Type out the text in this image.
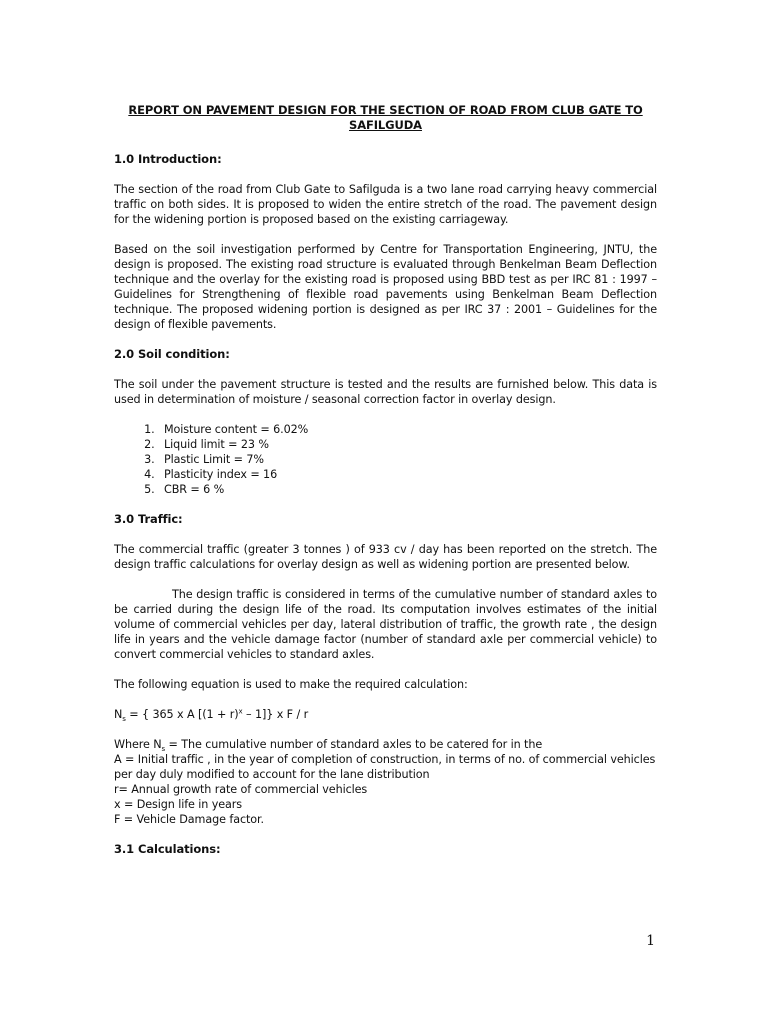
REPORT ON PAVEMENT DESIGN FOR THE SECTION OF ROAD FROM CLUB GATE TO
SAFILGUDA
1.0 Introduction:

The section of the road from Club Gate to Safilguda is a two lane road carrying heavy commercial traffic on both sides. It is proposed to widen the entire stretch of the road. The pavement design for the widening portion is proposed based on the existing carriageway.

Based on the soil investigation performed by Centre for Transportation Engineering, JNTU, the design is proposed. The existing road structure is evaluated through Benkelman Beam Deflection technique and the overlay for the existing road is proposed using BBD test as per IRC 81 : 1997 – Guidelines for Strengthening of flexible road pavements using Benkelman Beam Deflection technique. The proposed widening portion is designed as per IRC 37 : 2001 – Guidelines for the design of flexible pavements.

2.0 Soil condition:

The soil under the pavement structure is tested and the results are furnished below. This data is used in determination of moisture / seasonal correction factor in overlay design.

1. Moisture content = 6.02%
2. Liquid limit = 23 %
3. Plastic Limit = 7%
4. Plasticity index = 16
5. CBR = 6 %
3.0 Traffic:

The commercial traffic (greater 3 tonnes ) of 933 cv / day has been reported on the stretch. The design traffic calculations for overlay design as well as widening portion are presented below.

The design traffic is considered in terms of the cumulative number of standard axles to be carried during the design life of the road. Its computation involves estimates of the initial volume of commercial vehicles per day, lateral distribution of traffic, the growth rate , the design life in years and the vehicle damage factor (number of standard axle per commercial vehicle) to convert commercial vehicles to standard axles.

The following equation is used to make the required calculation:

$N_s$ = { 365 x A $[(1 + r)^x - 1]$} x F / r

Where $N_s$ = The cumulative number of standard axles to be catered for in the
A = Initial traffic , in the year of completion of construction, in terms of no. of commercial vehicles per day duly modified to account for the lane distribution
r= Annual growth rate of commercial vehicles
x = Design life in years
F = Vehicle Damage factor.
3.1 Calculations:
1
